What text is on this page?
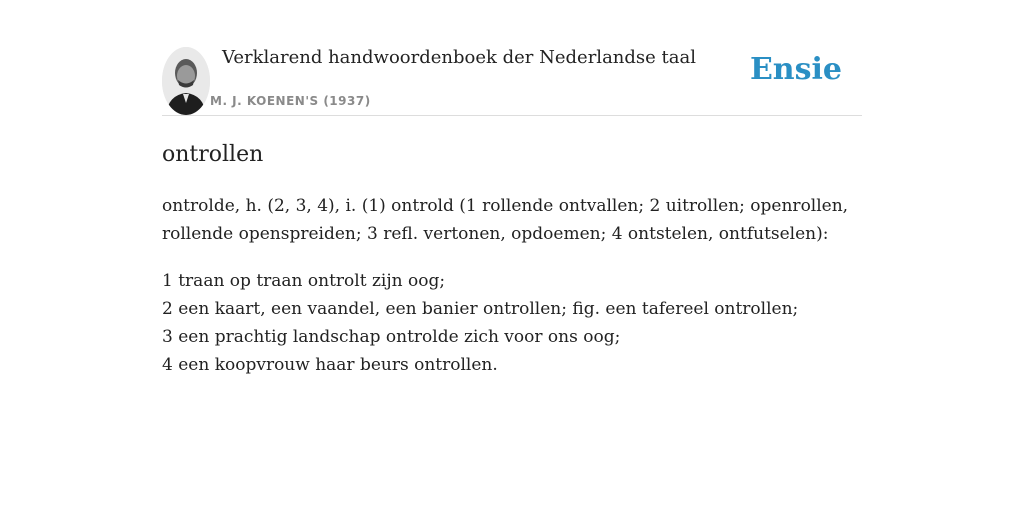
Verklarend handwoordenboek der Nederlandse taal
M. J. KOENEN'S (1937)
Ensie
ontrollen

ontrolde, h. (2, 3, 4), i. (1) ontrold (1 rollende ontvallen; 2 uitrollen; openrollen, rollende openspreiden; 3 refl. vertonen, opdoemen; 4 ontstelen, ontfutselen):

1 traan op traan ontrolt zijn oog;
2 een kaart, een vaandel, een banier ontrollen; fig. een tafereel ontrollen;
3 een prachtig landschap ontrolde zich voor ons oog;
4 een koopvrouw haar beurs ontrollen.
